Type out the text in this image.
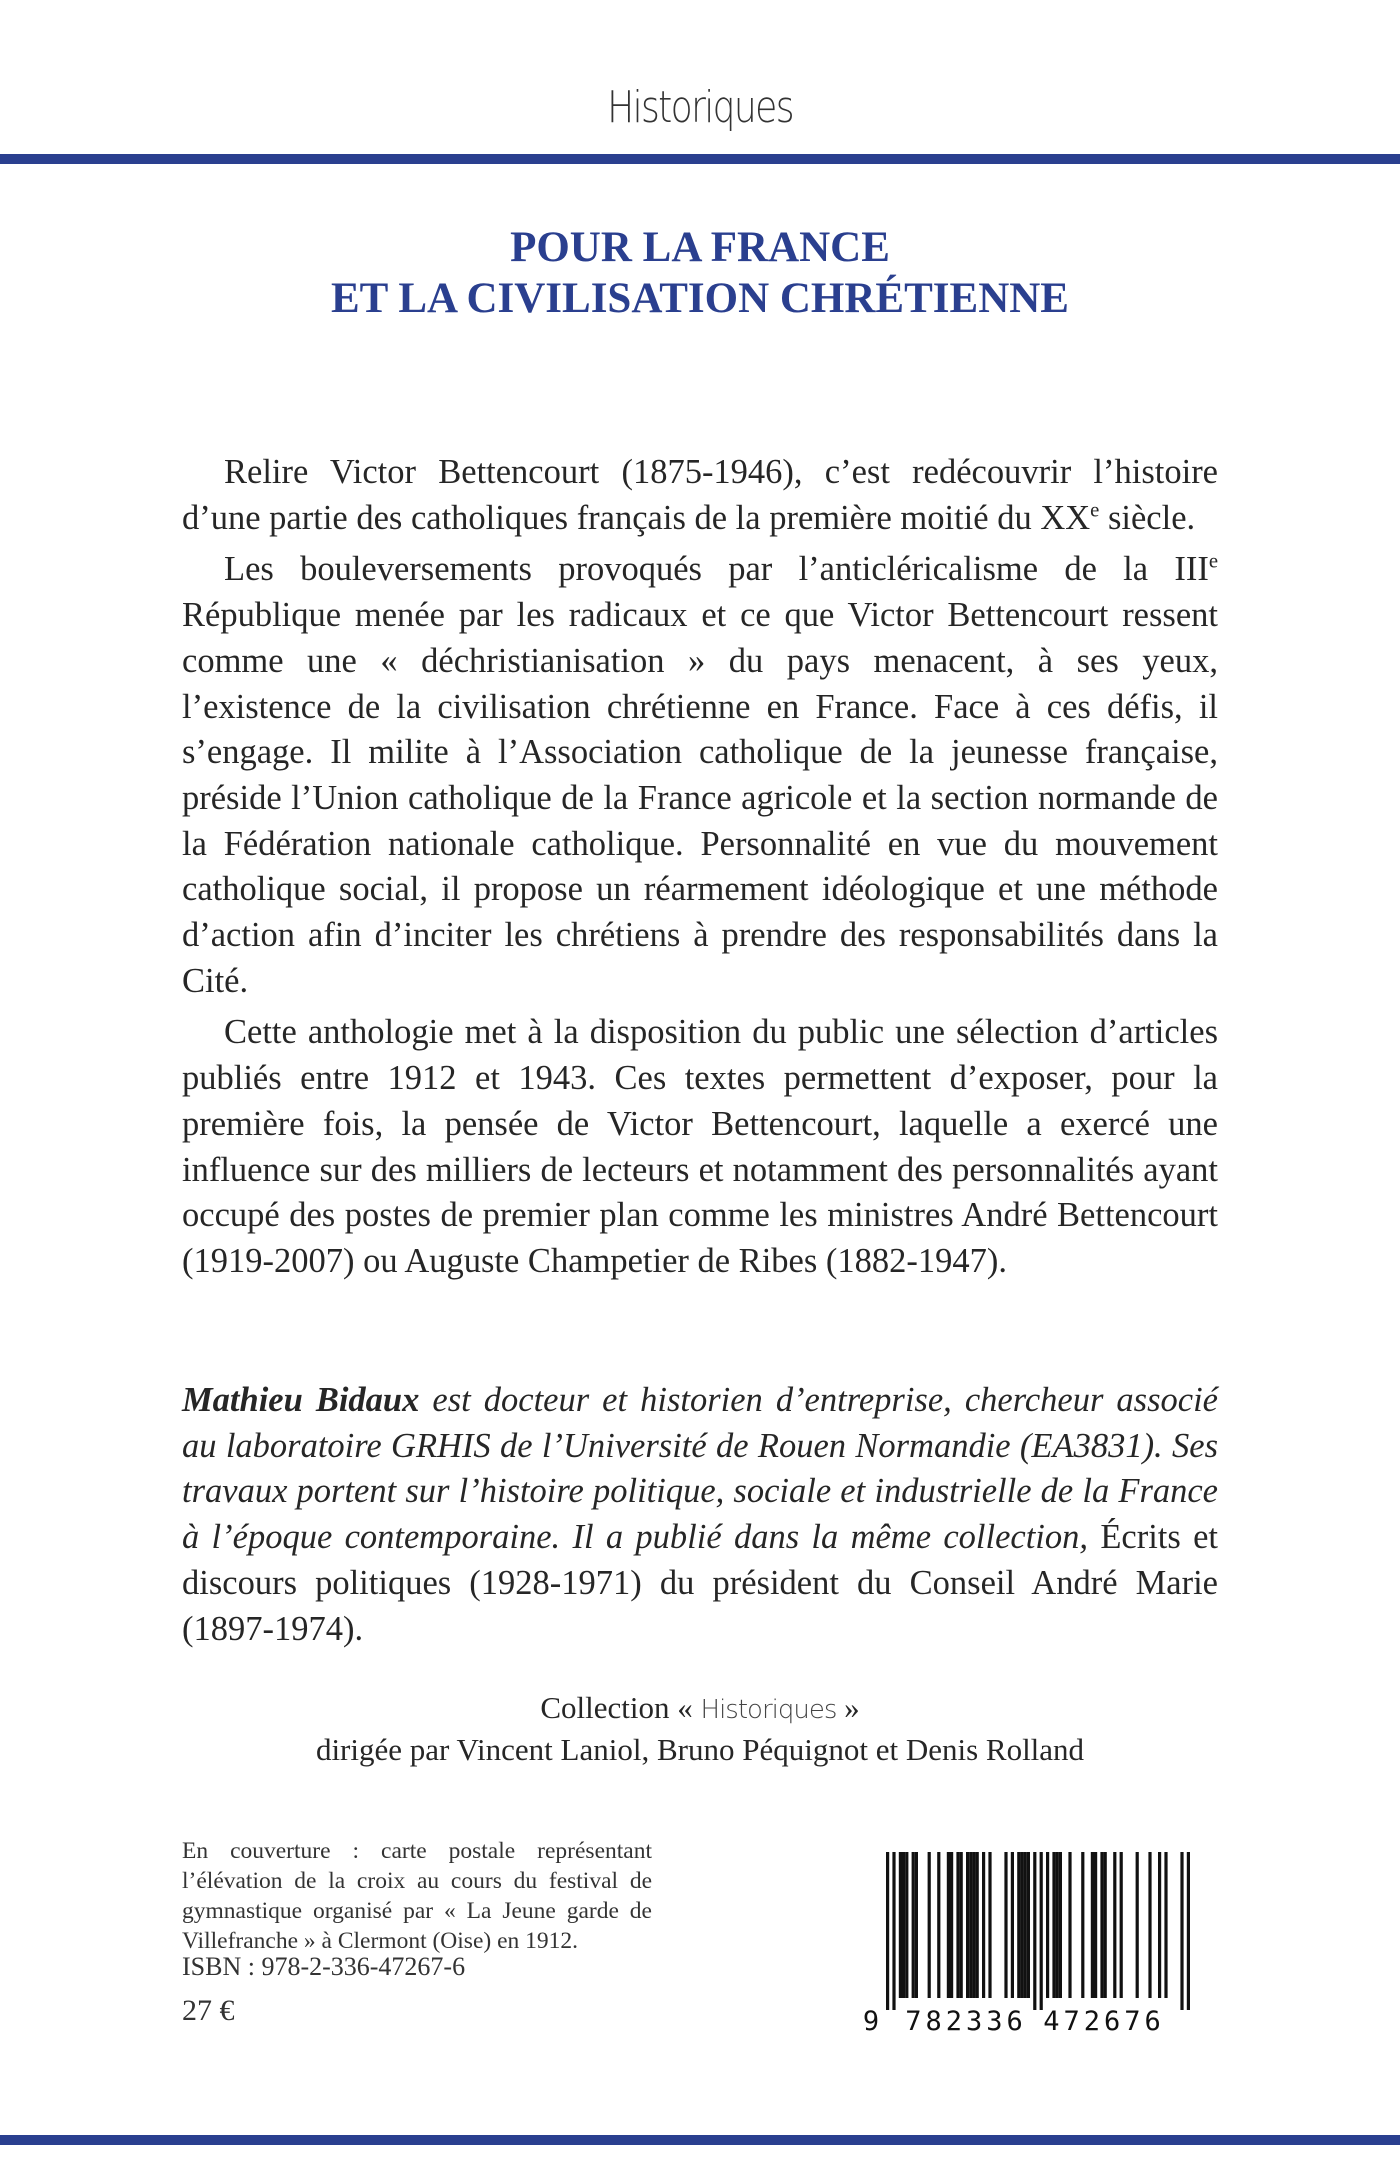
Historiques
POUR LA FRANCE
ET LA CIVILISATION CHRÉTIENNE

Relire Victor Bettencourt (1875-1946), c’est redécouvrir l’histoire d’une partie des catholiques français de la première moitié du XXe siècle.

Les bouleversements provoqués par l’anticléricalisme de la IIIe République menée par les radicaux et ce que Victor Bettencourt ressent comme une « déchristianisation » du pays menacent, à ses yeux, l’existence de la civilisation chrétienne en France. Face à ces défis, il s’engage. Il milite à l’Association catholique de la jeunesse française, préside l’Union catholique de la France agricole et la section normande de la Fédération nationale catholique. Personnalité en vue du mouvement catholique social, il propose un réarmement idéologique et une méthode d’action afin d’inciter les chrétiens à prendre des responsabilités dans la Cité.

Cette anthologie met à la disposition du public une sélection d’articles publiés entre 1912 et 1943. Ces textes permettent d’exposer, pour la première fois, la pensée de Victor Bettencourt, laquelle a exercé une influence sur des milliers de lecteurs et notamment des personnalités ayant occupé des postes de premier plan comme les ministres André Bettencourt (1919-2007) ou Auguste Champetier de Ribes (1882-1947).

Mathieu Bidaux est docteur et historien d’entreprise, chercheur associé au laboratoire GRHIS de l’Université de Rouen Normandie (EA3831). Ses travaux portent sur l’histoire politique, sociale et industrielle de la France à l’époque contemporaine. Il a publié dans la même collection, Écrits et discours politiques (1928-1971) du président du Conseil André Marie (1897-1974).

Collection « Historiques »
dirigée par Vincent Laniol, Bruno Péquignot et Denis Rolland

En couverture : carte postale représentant l’élévation de la croix au cours du festival de gymnastique organisé par « La Jeune garde de Villefranche » à Clermont (Oise) en 1912.

ISBN : 978-2-336-47267-6
27 €	9 782336 472676
